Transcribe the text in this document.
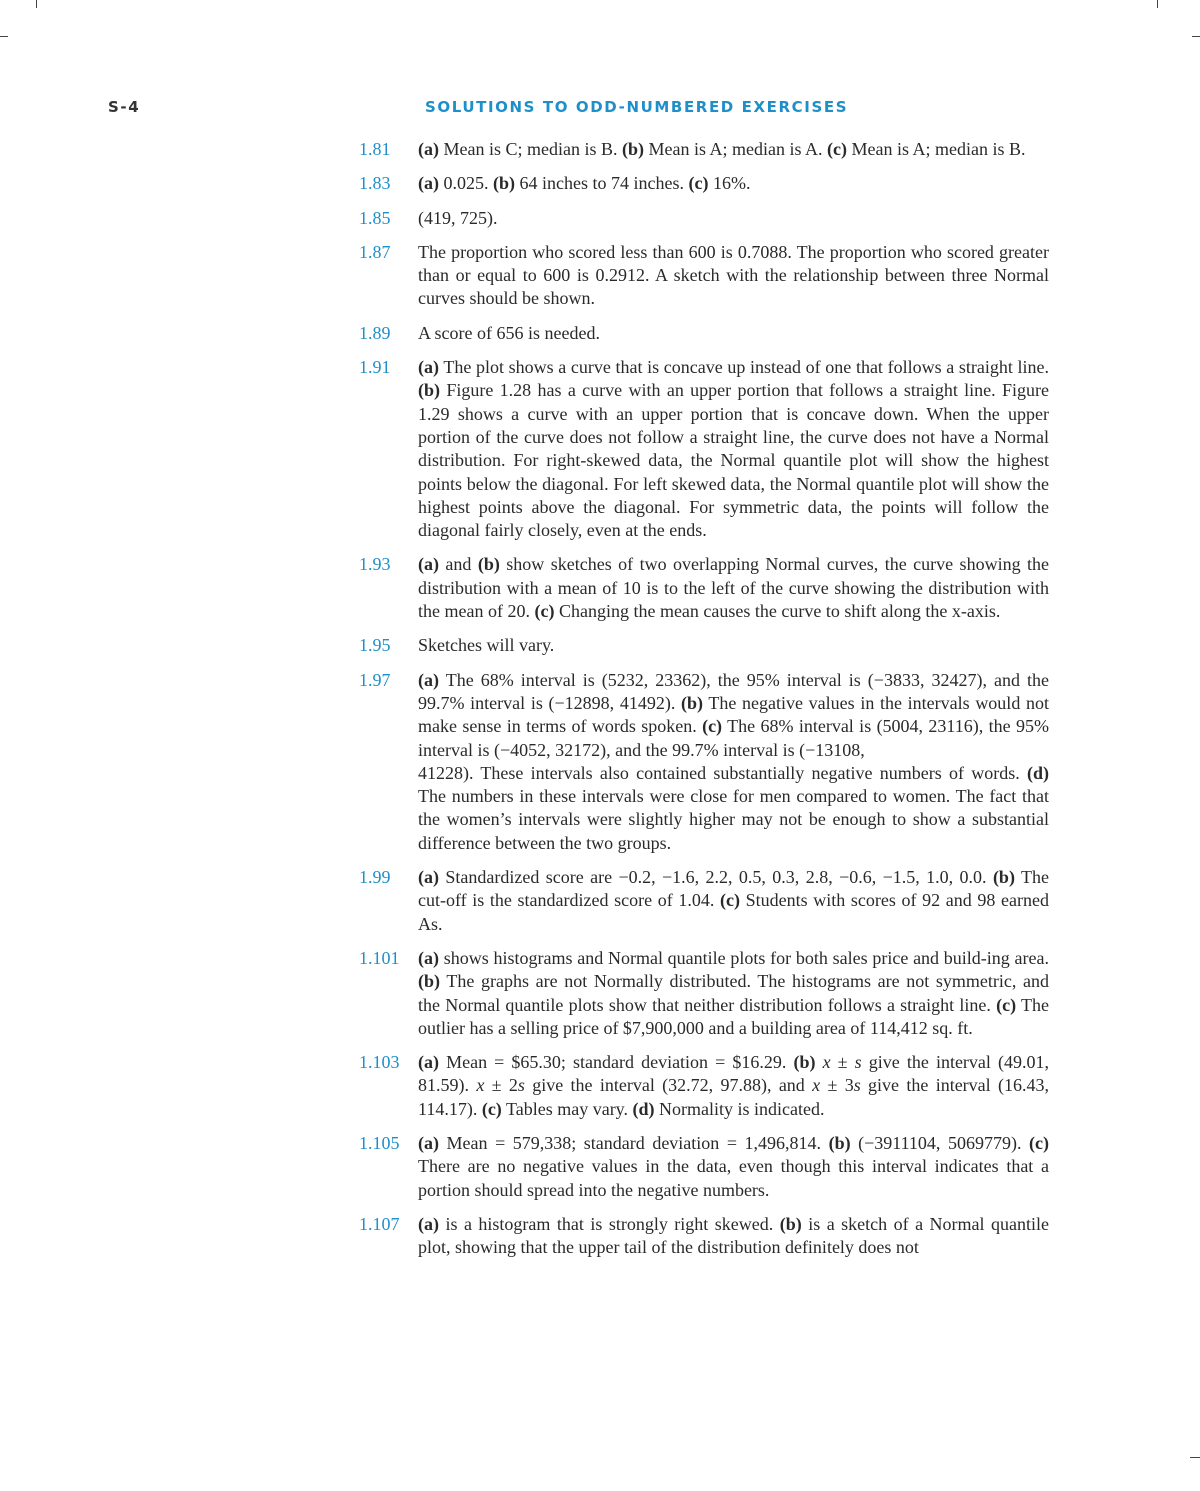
S-4	SOLUTIONS TO ODD-NUMBERED EXERCISES
1.81	(a) Mean is C; median is B. (b) Mean is A; median is A. (c) Mean is A; median is B.
1.83	(a) 0.025. (b) 64 inches to 74 inches. (c) 16%.
1.85	(419, 725).
1.87	The proportion who scored less than 600 is 0.7088. The proportion who scored greater than or equal to 600 is 0.2912. A sketch with the relationship between three Normal curves should be shown.
1.89	A score of 656 is needed.
1.91	(a) The plot shows a curve that is concave up instead of one that follows a straight line. (b) Figure 1.28 has a curve with an upper portion that follows a straight line. Figure 1.29 shows a curve with an upper portion that is concave down. When the upper portion of the curve does not follow a straight line, the curve does not have a Normal distribution. For right-skewed data, the Normal quantile plot will show the highest points below the diagonal. For left skewed data, the Normal quantile plot will show the highest points above the diagonal. For symmetric data, the points will follow the diagonal fairly closely, even at the ends.
1.93	(a) and (b) show sketches of two overlapping Normal curves, the curve showing the distribution with a mean of 10 is to the left of the curve showing the distribution with the mean of 20. (c) Changing the mean causes the curve to shift along the x-axis.
1.95	Sketches will vary.
1.97	(a) The 68% interval is (5232, 23362), the 95% interval is (−3833, 32427), and the 99.7% interval is (−12898, 41492). (b) The negative values in the intervals would not make sense in terms of words spoken. (c) The 68% interval is (5004, 23116), the 95% interval is (−4052, 32172), and the 99.7% interval is (−13108,
41228). These intervals also contained substantially negative numbers of words. (d) The numbers in these intervals were close for men compared to women. The fact that the women’s intervals were slightly higher may not be enough to show a substantial difference between the two groups.
1.99	(a) Standardized score are −0.2, −1.6, 2.2, 0.5, 0.3, 2.8, −0.6, −1.5, 1.0, 0.0. (b) The cut-off is the standardized score of 1.04. (c) Students with scores of 92 and 98 earned As.
1.101	(a) shows histograms and Normal quantile plots for both sales price and build-ing area. (b) The graphs are not Normally distributed. The histograms are not symmetric, and the Normal quantile plots show that neither distribution follows a straight line. (c) The outlier has a selling price of $7,900,000 and a building area of 114,412 sq. ft.
1.103	(a) Mean = $65.30; standard deviation = $16.29. (b) x ± s give the interval (49.01, 81.59). x ± 2s give the interval (32.72, 97.88), and x ± 3s give the interval (16.43, 114.17). (c) Tables may vary. (d) Normality is indicated.
1.105	(a) Mean = 579,338; standard deviation = 1,496,814. (b) (−3911104, 5069779). (c) There are no negative values in the data, even though this interval indicates that a portion should spread into the negative numbers.
1.107	(a) is a histogram that is strongly right skewed. (b) is a sketch of a Normal quantile plot, showing that the upper tail of the distribution definitely does not
